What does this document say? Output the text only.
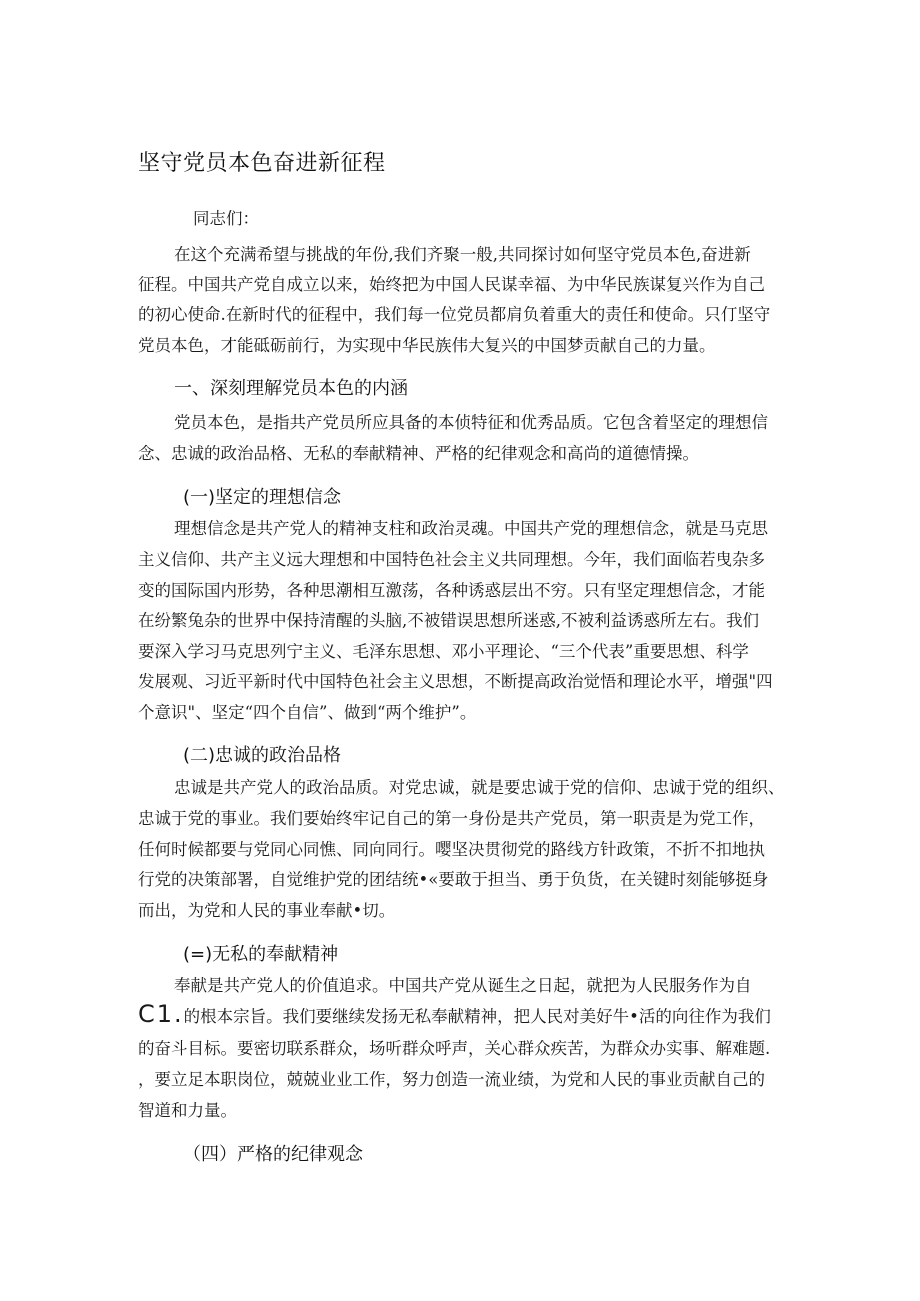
坚守党员本色奋进新征程
同志们：
在这个充满希望与挑战的年份,我们齐聚一般,共同探讨如何坚守党员本色,奋进新
征程。中国共产党自成立以来，始终把为中国人民谋幸福、为中华民族谋复兴作为自己
的初心使命.在新时代的征程中，我们每一位党员都肩负着重大的责任和使命。只仃坚守
党员本色，才能砥砺前行，为实现中华民族伟大复兴的中国梦贡献自己的力量。
一、深刻理解党员本色的内涵
党员本色，是指共产党员所应具备的本侦特征和优秀品质。它包含着坚定的理想信
念、忠诚的政治品格、无私的奉献精神、严格的纪律观念和高尚的道德情操。
(一)坚定的理想信念
理想信念是共产党人的精神支柱和政治灵魂。中国共产党的理想信念，就是马克思
主义信仰、共产主义远大理想和中国特色社会主义共同理想。今年，我们面临若曳杂多
变的国际国内形势，各种思潮相互激荡，各种诱惑层出不穷。只有坚定理想信念，才能
在纷繁兔杂的世界中保持清醒的头脑,不被错误思想所迷惑,不被利益诱惑所左右。我们
要深入学习马克思列宁主义、毛泽东思想、邓小平理论、“三个代表”重要思想、科学
发展观、习近平新时代中国特色社会主义思想，不断提高政治觉悟和理论水平，增强"四
个意识"、坚定“四个自信”、做到“两个维护”。
(二)忠诚的政治品格
忠诚是共产党人的政治品质。对党忠诚，就是要忠诚于党的信仰、忠诚于党的组织、
忠诚于党的事业。我们要始终牢记自己的第一身份是共产党员，第一职责是为党工作，
任何时候都要与党同心同憔、同向同行。嘤坚决贯彻党的路线方针政策，不折不扣地执
行党的决策部署，自觉维护党的团结统•«要敢于担当、勇于负货，在关键时刻能够挺身
而出，为党和人民的事业奉献•切。
(=)无私的奉献精神
奉献是共产党人的价值追求。中国共产党从诞生之日起，就把为人民服务作为自
C1.的根本宗旨。我们要继续发扬无私奉献精神，把人民对美好牛•活的向往作为我们
的奋斗目标。要密切联系群众，场听群众呼声，关心群众疾苦，为群众办实事、解难题.
，要立足本职岗位，兢兢业业工作，努力创造一流业绩，为党和人民的事业贡献自己的
智道和力量。
（四）严格的纪律观念
